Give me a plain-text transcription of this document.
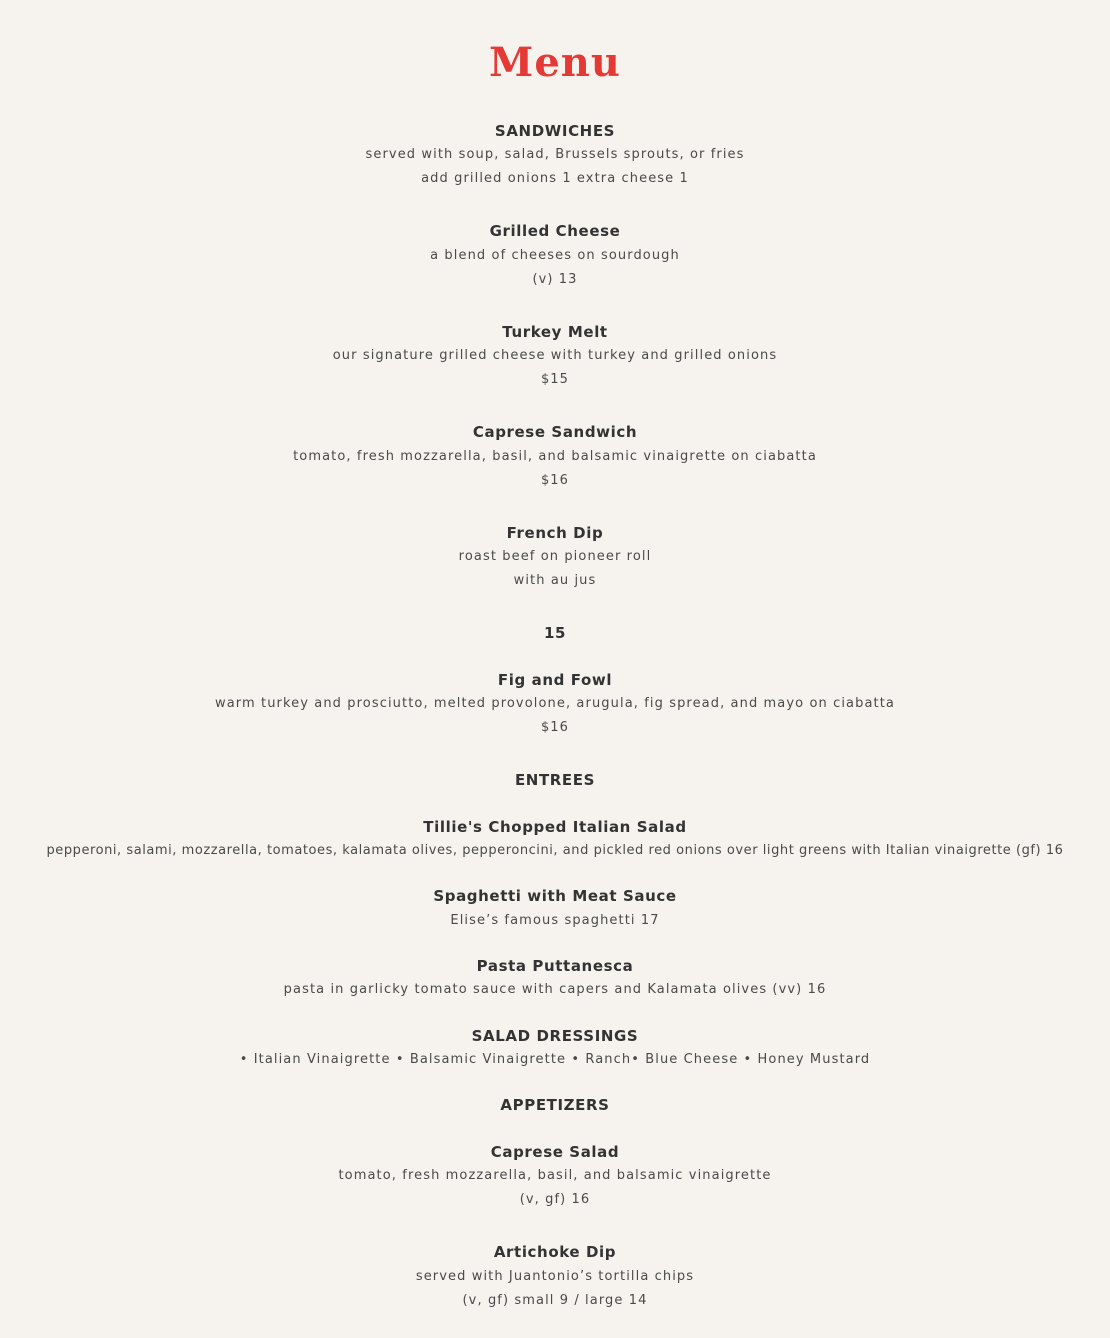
Menu
SANDWICHES
served with soup, salad, Brussels sprouts, or fries
add grilled onions 1 extra cheese 1
Grilled Cheese
a blend of cheeses on sourdough
(v) 13
Turkey Melt
our signature grilled cheese with turkey and grilled onions
$15
Caprese Sandwich
tomato, fresh mozzarella, basil, and balsamic vinaigrette on ciabatta
$16
French Dip
roast beef on pioneer roll
with au jus
15
Fig and Fowl
warm turkey and prosciutto, melted provolone, arugula, fig spread, and mayo on ciabatta
$16
ENTREES
Tillie's Chopped Italian Salad
pepperoni, salami, mozzarella, tomatoes, kalamata olives, pepperoncini, and pickled red onions over light greens with Italian vinaigrette (gf) 16
Spaghetti with Meat Sauce
Elise’s famous spaghetti 17
Pasta Puttanesca
pasta in garlicky tomato sauce with capers and Kalamata olives (vv) 16
SALAD DRESSINGS
• Italian Vinaigrette • Balsamic Vinaigrette • Ranch• Blue Cheese • Honey Mustard
APPETIZERS
Caprese Salad
tomato, fresh mozzarella, basil, and balsamic vinaigrette
(v, gf) 16
Artichoke Dip
served with Juantonio’s tortilla chips
(v, gf) small 9 / large 14
